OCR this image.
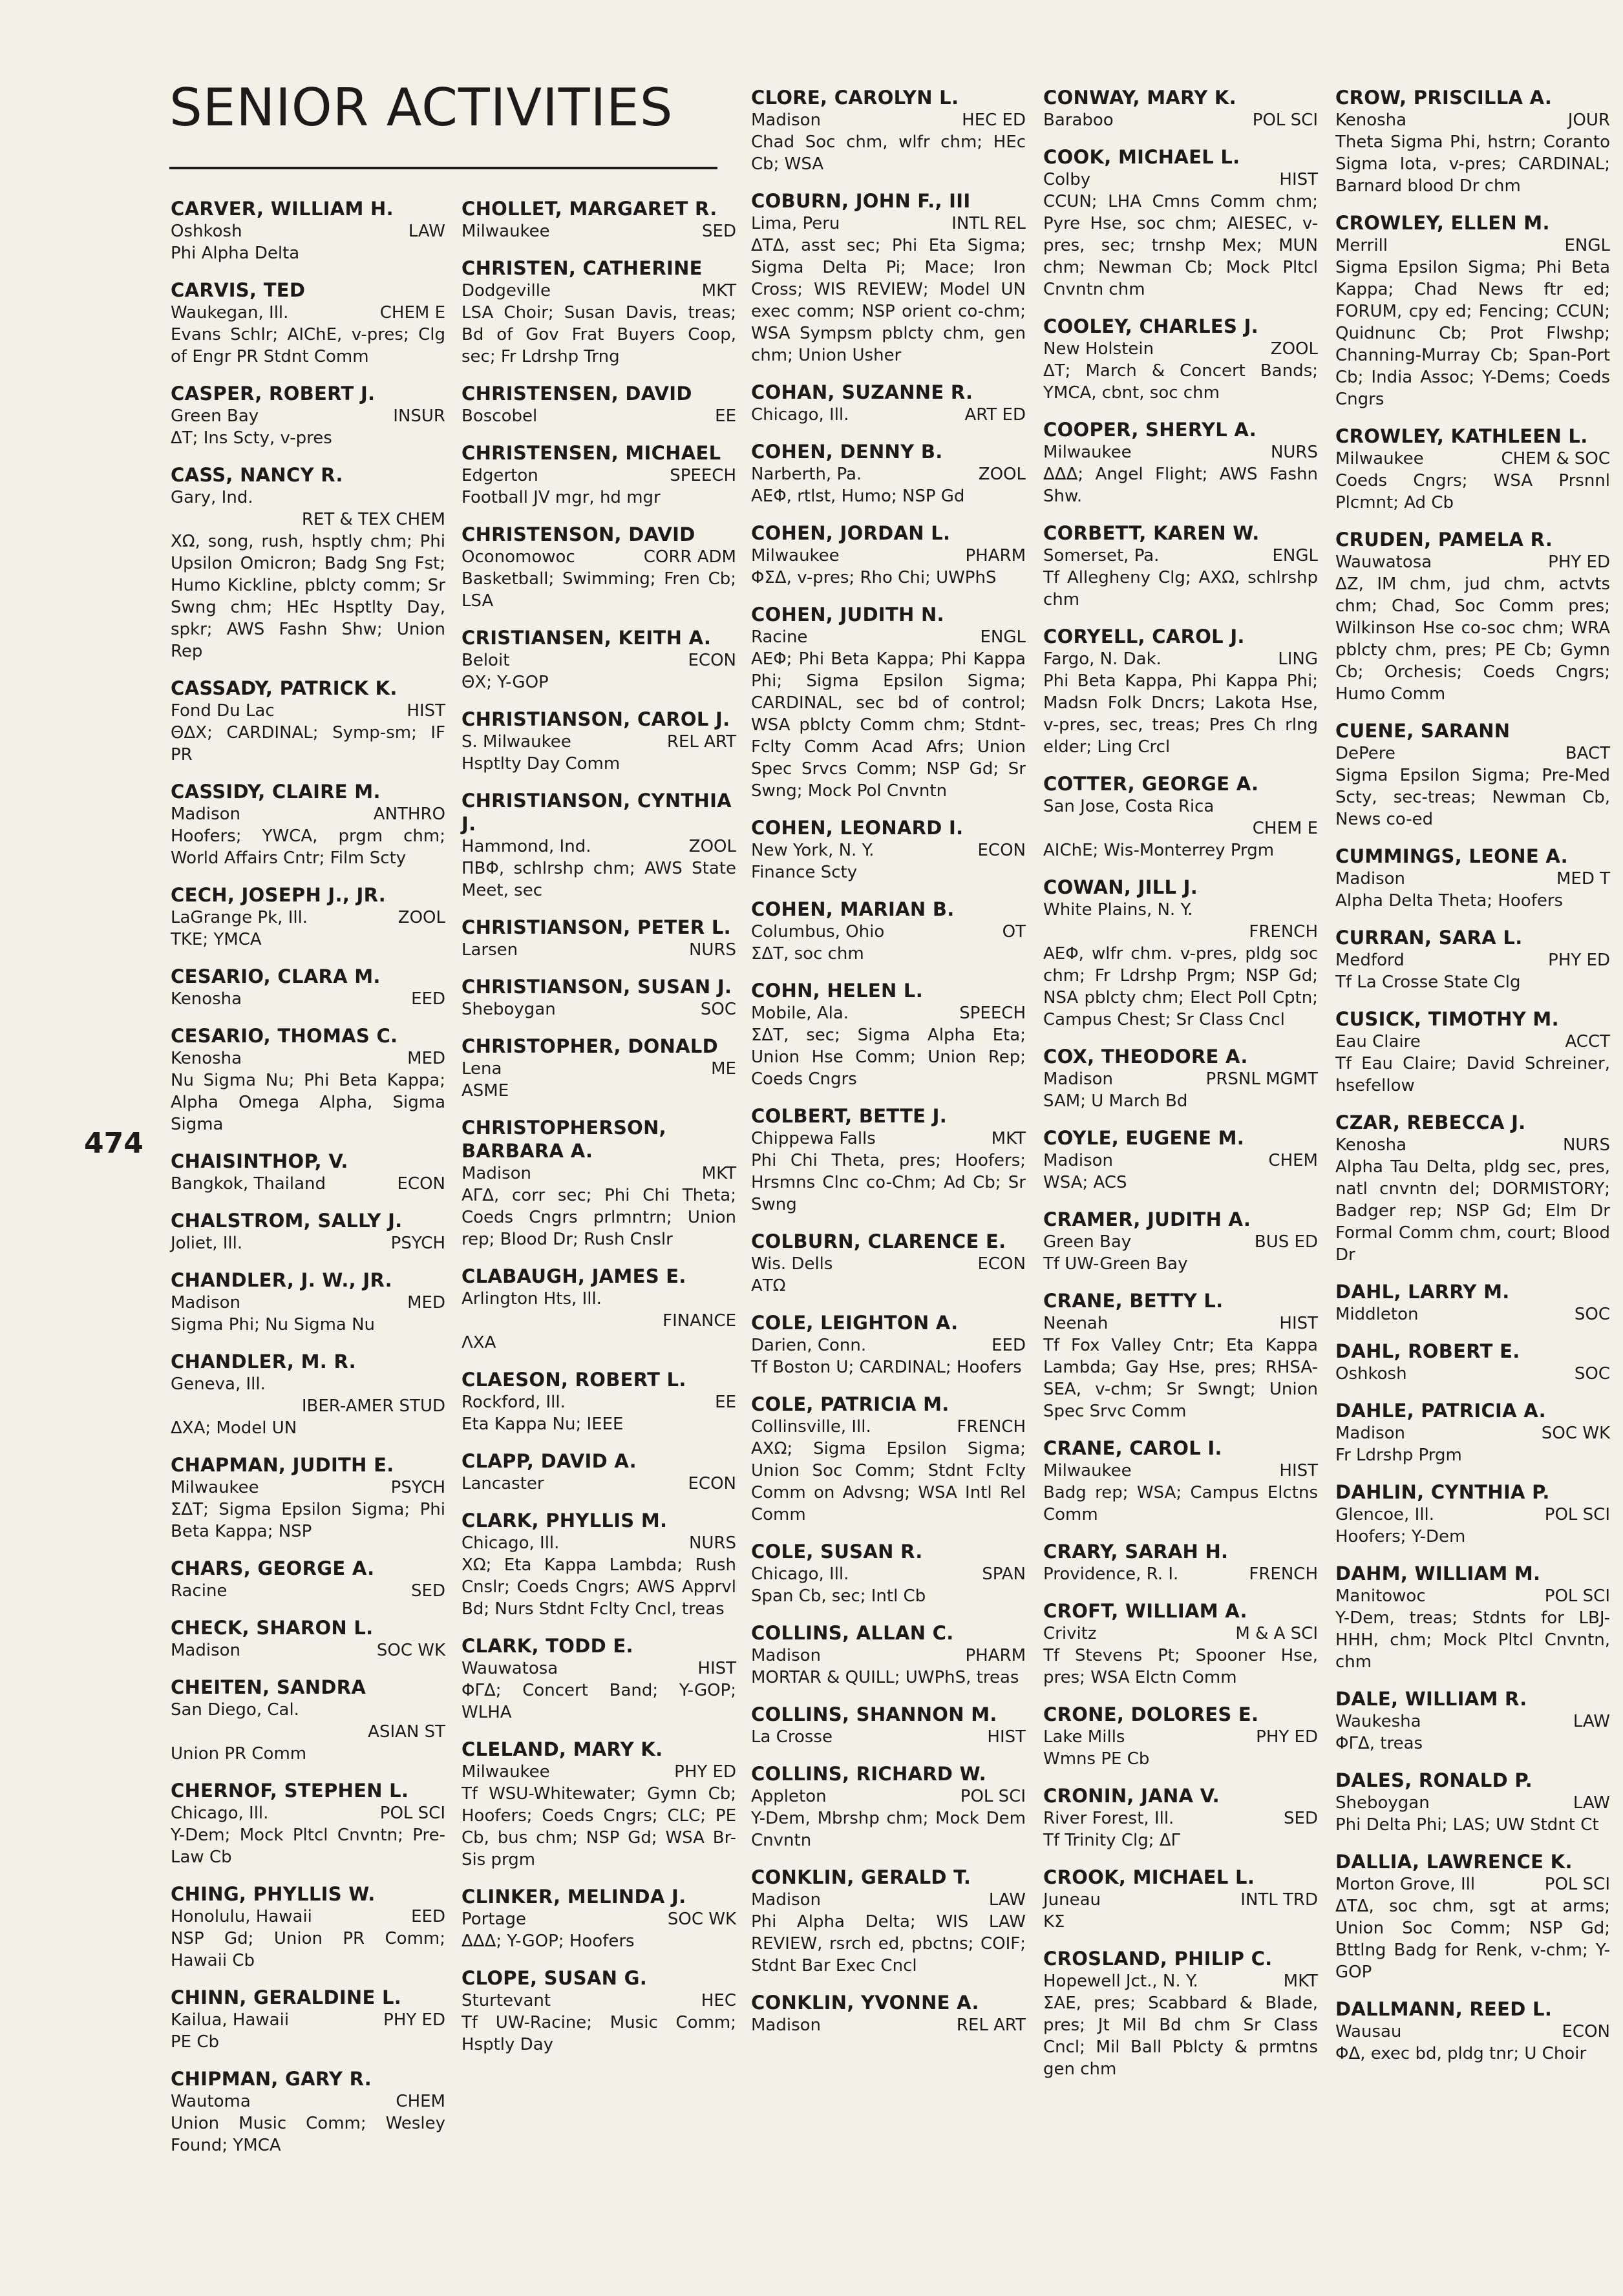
SENIOR ACTIVITIES
474
CARVER, WILLIAM H.
Oshkosh	LAW
Phi Alpha Delta
CARVIS, TED
Waukegan, Ill.	CHEM E
Evans Schlr; AIChE, v-pres; Clg of Engr PR Stdnt Comm
CASPER, ROBERT J.
Green Bay	INSUR
ΔΤ; Ins Scty, v-pres
CASS, NANCY R.
Gary, Ind.
RET & TEX CHEM
ΧΩ, song, rush, hsptly chm; Phi Upsilon Omicron; Badg Sng Fst; Humo Kickline, pblcty comm; Sr Swng chm; HEc Hsptlty Day, spkr; AWS Fashn Shw; Union Rep
CASSADY, PATRICK K.
Fond Du Lac	HIST
ΘΔΧ; CARDINAL; Symp-sm; IF PR
CASSIDY, CLAIRE M.
Madison	ANTHRO
Hoofers; YWCA, prgm chm; World Affairs Cntr; Film Scty
CECH, JOSEPH J., JR.
LaGrange Pk, Ill.	ZOOL
ΤΚΕ; YMCA
CESARIO, CLARA M.
Kenosha	EED
CESARIO, THOMAS C.
Kenosha	MED
Nu Sigma Nu; Phi Beta Kappa; Alpha Omega Alpha, Sigma Sigma
CHAISINTHOP, V.
Bangkok, Thailand	ECON
CHALSTROM, SALLY J.
Joliet, Ill.	PSYCH
CHANDLER, J. W., JR.
Madison	MED
Sigma Phi; Nu Sigma Nu
CHANDLER, M. R.
Geneva, Ill.
IBER-AMER STUD
ΔΧΑ; Model UN
CHAPMAN, JUDITH E.
Milwaukee	PSYCH
ΣΔΤ; Sigma Epsilon Sigma; Phi Beta Kappa; NSP
CHARS, GEORGE A.
Racine	SED
CHECK, SHARON L.
Madison	SOC WK
CHEITEN, SANDRA
San Diego, Cal.
ASIAN ST
Union PR Comm
CHERNOF, STEPHEN L.
Chicago, Ill.	POL SCI
Y-Dem; Mock Pltcl Cnvntn; Pre-Law Cb
CHING, PHYLLIS W.
Honolulu, Hawaii	EED
NSP Gd; Union PR Comm; Hawaii Cb
CHINN, GERALDINE L.
Kailua, Hawaii	PHY ED
PE Cb
CHIPMAN, GARY R.
Wautoma	CHEM
Union Music Comm; Wesley Found; YMCA
CHOLLET, MARGARET R.
Milwaukee	SED
CHRISTEN, CATHERINE
Dodgeville	MKT
LSA Choir; Susan Davis, treas; Bd of Gov Frat Buyers Coop, sec; Fr Ldrshp Trng
CHRISTENSEN, DAVID
Boscobel	EE
CHRISTENSEN, MICHAEL
Edgerton	SPEECH
Football JV mgr, hd mgr
CHRISTENSON, DAVID
Oconomowoc	CORR ADM
Basketball; Swimming; Fren Cb; LSA
CRISTIANSEN, KEITH A.
Beloit	ECON
ΘΧ; Y-GOP
CHRISTIANSON, CAROL J.
S. Milwaukee	REL ART
Hsptlty Day Comm
CHRISTIANSON, CYNTHIA J.
Hammond, Ind.	ZOOL
ΠΒΦ, schlrshp chm; AWS State Meet, sec
CHRISTIANSON, PETER L.
Larsen	NURS
CHRISTIANSON, SUSAN J.
Sheboygan	SOC
CHRISTOPHER, DONALD
Lena	ME
ASME
CHRISTOPHERSON, BARBARA A.
Madison	MKT
ΑΓΔ, corr sec; Phi Chi Theta; Coeds Cngrs prlmntrn; Union rep; Blood Dr; Rush Cnslr
CLABAUGH, JAMES E.
Arlington Hts, Ill.
FINANCE
ΛΧΑ
CLAESON, ROBERT L.
Rockford, Ill.	EE
Eta Kappa Nu; IEEE
CLAPP, DAVID A.
Lancaster	ECON
CLARK, PHYLLIS M.
Chicago, Ill.	NURS
ΧΩ; Eta Kappa Lambda; Rush Cnslr; Coeds Cngrs; AWS Apprvl Bd; Nurs Stdnt Fclty Cncl, treas
CLARK, TODD E.
Wauwatosa	HIST
ΦΓΔ; Concert Band; Y-GOP; WLHA
CLELAND, MARY K.
Milwaukee	PHY ED
Tf WSU-Whitewater; Gymn Cb; Hoofers; Coeds Cngrs; CLC; PE Cb, bus chm; NSP Gd; WSA Br-Sis prgm
CLINKER, MELINDA J.
Portage	SOC WK
ΔΔΔ; Y-GOP; Hoofers
CLOPE, SUSAN G.
Sturtevant	HEC
Tf UW-Racine; Music Comm; Hsptly Day
CLORE, CAROLYN L.
Madison	HEC ED
Chad Soc chm, wlfr chm; HEc Cb; WSA
COBURN, JOHN F., III
Lima, Peru	INTL REL
ΔΤΔ, asst sec; Phi Eta Sigma; Sigma Delta Pi; Mace; Iron Cross; WIS REVIEW; Model UN exec comm; NSP orient co-chm; WSA Sympsm pblcty chm, gen chm; Union Usher
COHAN, SUZANNE R.
Chicago, Ill.	ART ED
COHEN, DENNY B.
Narberth, Pa.	ZOOL
ΑΕΦ, rtlst, Humo; NSP Gd
COHEN, JORDAN L.
Milwaukee	PHARM
ΦΣΔ, v-pres; Rho Chi; UWPhS
COHEN, JUDITH N.
Racine	ENGL
ΑΕΦ; Phi Beta Kappa; Phi Kappa Phi; Sigma Epsilon Sigma; CARDINAL, sec bd of control; WSA pblcty Comm chm; Stdnt-Fclty Comm Acad Afrs; Union Spec Srvcs Comm; NSP Gd; Sr Swng; Mock Pol Cnvntn
COHEN, LEONARD I.
New York, N. Y.	ECON
Finance Scty
COHEN, MARIAN B.
Columbus, Ohio	OT
ΣΔΤ, soc chm
COHN, HELEN L.
Mobile, Ala.	SPEECH
ΣΔΤ, sec; Sigma Alpha Eta; Union Hse Comm; Union Rep; Coeds Cngrs
COLBERT, BETTE J.
Chippewa Falls	MKT
Phi Chi Theta, pres; Hoofers; Hrsmns Clnc co-Chm; Ad Cb; Sr Swng
COLBURN, CLARENCE E.
Wis. Dells	ECON
ΑΤΩ
COLE, LEIGHTON A.
Darien, Conn.	EED
Tf Boston U; CARDINAL; Hoofers
COLE, PATRICIA M.
Collinsville, Ill.	FRENCH
ΑΧΩ; Sigma Epsilon Sigma; Union Soc Comm; Stdnt Fclty Comm on Advsng; WSA Intl Rel Comm
COLE, SUSAN R.
Chicago, Ill.	SPAN
Span Cb, sec; Intl Cb
COLLINS, ALLAN C.
Madison	PHARM
MORTAR & QUILL; UWPhS, treas
COLLINS, SHANNON M.
La Crosse	HIST
COLLINS, RICHARD W.
Appleton	POL SCI
Y-Dem, Mbrshp chm; Mock Dem Cnvntn
CONKLIN, GERALD T.
Madison	LAW
Phi Alpha Delta; WIS LAW REVIEW, rsrch ed, pbctns; COIF; Stdnt Bar Exec Cncl
CONKLIN, YVONNE A.
Madison	REL ART
CONWAY, MARY K.
Baraboo	POL SCI
COOK, MICHAEL L.
Colby	HIST
CCUN; LHA Cmns Comm chm; Pyre Hse, soc chm; AIESEC, v-pres, sec; trnshp Mex; MUN chm; Newman Cb; Mock Pltcl Cnvntn chm
COOLEY, CHARLES J.
New Holstein	ZOOL
ΔΤ; March & Concert Bands; YMCA, cbnt, soc chm
COOPER, SHERYL A.
Milwaukee	NURS
ΔΔΔ; Angel Flight; AWS Fashn Shw.
CORBETT, KAREN W.
Somerset, Pa.	ENGL
Tf Allegheny Clg; ΑΧΩ, schlrshp chm
CORYELL, CAROL J.
Fargo, N. Dak.	LING
Phi Beta Kappa, Phi Kappa Phi; Madsn Folk Dncrs; Lakota Hse, v-pres, sec, treas; Pres Ch rlng elder; Ling Crcl
COTTER, GEORGE A.
San Jose, Costa Rica
CHEM E
AIChE; Wis-Monterrey Prgm
COWAN, JILL J.
White Plains, N. Y.
FRENCH
ΑΕΦ, wlfr chm. v-pres, pldg soc chm; Fr Ldrshp Prgm; NSP Gd; NSA pblcty chm; Elect Poll Cptn; Campus Chest; Sr Class Cncl
COX, THEODORE A.
Madison	PRSNL MGMT
SAM; U March Bd
COYLE, EUGENE M.
Madison	CHEM
WSA; ACS
CRAMER, JUDITH A.
Green Bay	BUS ED
Tf UW-Green Bay
CRANE, BETTY L.
Neenah	HIST
Tf Fox Valley Cntr; Eta Kappa Lambda; Gay Hse, pres; RHSA-SEA, v-chm; Sr Swngt; Union Spec Srvc Comm
CRANE, CAROL I.
Milwaukee	HIST
Badg rep; WSA; Campus Elctns Comm
CRARY, SARAH H.
Providence, R. I.	FRENCH
CROFT, WILLIAM A.
Crivitz	M & A SCI
Tf Stevens Pt; Spooner Hse, pres; WSA Elctn Comm
CRONE, DOLORES E.
Lake Mills	PHY ED
Wmns PE Cb
CRONIN, JANA V.
River Forest, Ill.	SED
Tf Trinity Clg; ΔΓ
CROOK, MICHAEL L.
Juneau	INTL TRD
ΚΣ
CROSLAND, PHILIP C.
Hopewell Jct., N. Y.	MKT
ΣΑΕ, pres; Scabbard & Blade, pres; Jt Mil Bd chm Sr Class Cncl; Mil Ball Pblcty & prmtns gen chm
CROW, PRISCILLA A.
Kenosha	JOUR
Theta Sigma Phi, hstrn; Coranto Sigma Iota, v-pres; CARDINAL; Barnard blood Dr chm
CROWLEY, ELLEN M.
Merrill	ENGL
Sigma Epsilon Sigma; Phi Beta Kappa; Chad News ftr ed; FORUM, cpy ed; Fencing; CCUN; Quidnunc Cb; Prot Flwshp; Channing-Murray Cb; Span-Port Cb; India Assoc; Y-Dems; Coeds Cngrs
CROWLEY, KATHLEEN L.
Milwaukee	CHEM & SOC
Coeds Cngrs; WSA Prsnnl Plcmnt; Ad Cb
CRUDEN, PAMELA R.
Wauwatosa	PHY ED
ΔΖ, IM chm, jud chm, actvts chm; Chad, Soc Comm pres; Wilkinson Hse co-soc chm; WRA pblcty chm, pres; PE Cb; Gymn Cb; Orchesis; Coeds Cngrs; Humo Comm
CUENE, SARANN
DePere	BACT
Sigma Epsilon Sigma; Pre-Med Scty, sec-treas; Newman Cb, News co-ed
CUMMINGS, LEONE A.
Madison	MED T
Alpha Delta Theta; Hoofers
CURRAN, SARA L.
Medford	PHY ED
Tf La Crosse State Clg
CUSICK, TIMOTHY M.
Eau Claire	ACCT
Tf Eau Claire; David Schreiner, hsefellow
CZAR, REBECCA J.
Kenosha	NURS
Alpha Tau Delta, pldg sec, pres, natl cnvntn del; DORMISTORY; Badger rep; NSP Gd; Elm Dr Formal Comm chm, court; Blood Dr
DAHL, LARRY M.
Middleton	SOC
DAHL, ROBERT E.
Oshkosh	SOC
DAHLE, PATRICIA A.
Madison	SOC WK
Fr Ldrshp Prgm
DAHLIN, CYNTHIA P.
Glencoe, Ill.	POL SCI
Hoofers; Y-Dem
DAHM, WILLIAM M.
Manitowoc	POL SCI
Y-Dem, treas; Stdnts for LBJ-HHH, chm; Mock Pltcl Cnvntn, chm
DALE, WILLIAM R.
Waukesha	LAW
ΦΓΔ, treas
DALES, RONALD P.
Sheboygan	LAW
Phi Delta Phi; LAS; UW Stdnt Ct
DALLIA, LAWRENCE K.
Morton Grove, Ill	POL SCI
ΔΤΔ, soc chm, sgt at arms; Union Soc Comm; NSP Gd; Bttlng Badg for Renk, v-chm; Y-GOP
DALLMANN, REED L.
Wausau	ECON
ΦΔ, exec bd, pldg tnr; U Choir
